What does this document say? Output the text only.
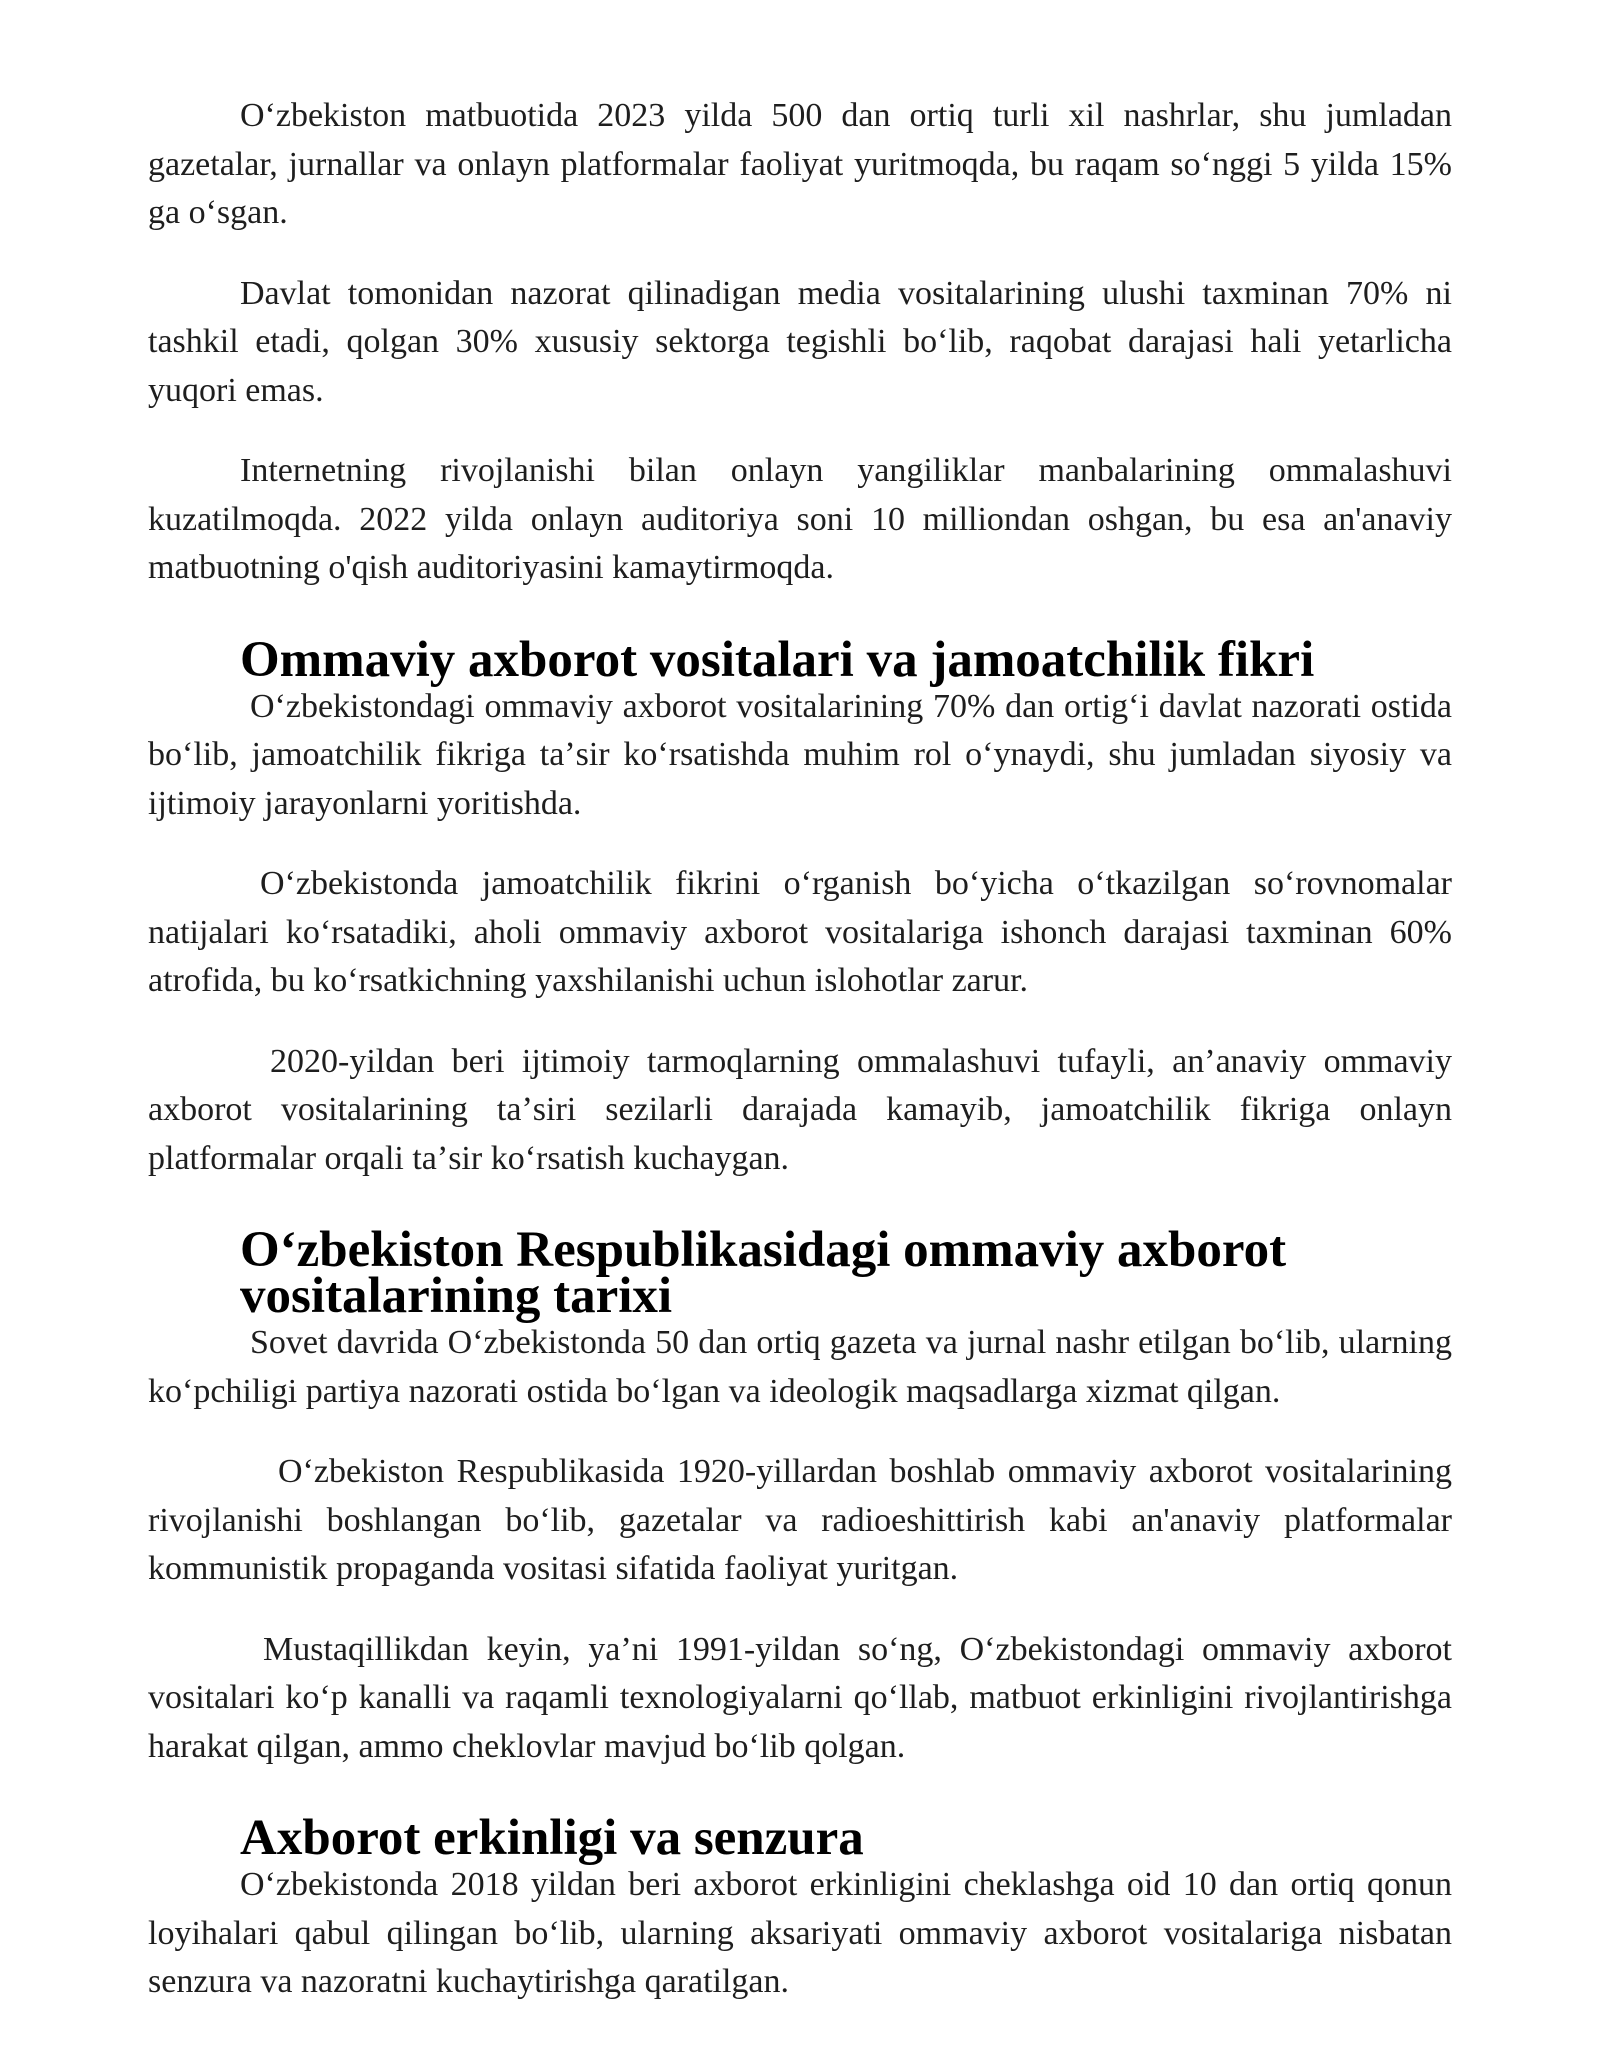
Oʻzbekiston matbuotida 2023 yilda 500 dan ortiq turli xil nashrlar, shu jumladan gazetalar, jurnallar va onlayn platformalar faoliyat yuritmoqda, bu raqam soʻnggi 5 yilda 15% ga oʻsgan.

Davlat tomonidan nazorat qilinadigan media vositalarining ulushi taxminan 70% ni tashkil etadi, qolgan 30% xususiy sektorga tegishli boʻlib, raqobat darajasi hali yetarlicha yuqori emas.

Internetning rivojlanishi bilan onlayn yangiliklar manbalarining ommalashuvi kuzatilmoqda. 2022 yilda onlayn auditoriya soni 10 milliondan oshgan, bu esa an'anaviy matbuotning o'qish auditoriyasini kamaytirmoqda.

Ommaviy axborot vositalari va jamoatchilik fikri

Oʻzbekistondagi ommaviy axborot vositalarining 70% dan ortigʻi davlat nazorati ostida boʻlib, jamoatchilik fikriga taʼsir koʻrsatishda muhim rol oʻynaydi, shu jumladan siyosiy va ijtimoiy jarayonlarni yoritishda.

Oʻzbekistonda jamoatchilik fikrini oʻrganish boʻyicha oʻtkazilgan soʻrovnomalar natijalari koʻrsatadiki, aholi ommaviy axborot vositalariga ishonch darajasi taxminan 60% atrofida, bu koʻrsatkichning yaxshilanishi uchun islohotlar zarur.

2020-yildan beri ijtimoiy tarmoqlarning ommalashuvi tufayli, an’anaviy ommaviy axborot vositalarining taʼsiri sezilarli darajada kamayib, jamoatchilik fikriga onlayn platformalar orqali taʼsir koʻrsatish kuchaygan.

Oʻzbekiston Respublikasidagi ommaviy axborot vositalarining tarixi

Sovet davrida Oʻzbekistonda 50 dan ortiq gazeta va jurnal nashr etilgan boʻlib, ularning koʻpchiligi partiya nazorati ostida boʻlgan va ideologik maqsadlarga xizmat qilgan.

Oʻzbekiston Respublikasida 1920-yillardan boshlab ommaviy axborot vositalarining rivojlanishi boshlangan boʻlib, gazetalar va radioeshittirish kabi an'anaviy platformalar kommunistik propaganda vositasi sifatida faoliyat yuritgan.

Mustaqillikdan keyin, ya’ni 1991-yildan soʻng, Oʻzbekistondagi ommaviy axborot vositalari koʻp kanalli va raqamli texnologiyalarni qoʻllab, matbuot erkinligini rivojlantirishga harakat qilgan, ammo cheklovlar mavjud boʻlib qolgan.

Axborot erkinligi va senzura

Oʻzbekistonda 2018 yildan beri axborot erkinligini cheklashga oid 10 dan ortiq qonun loyihalari qabul qilingan boʻlib, ularning aksariyati ommaviy axborot vositalariga nisbatan senzura va nazoratni kuchaytirishga qaratilgan.
